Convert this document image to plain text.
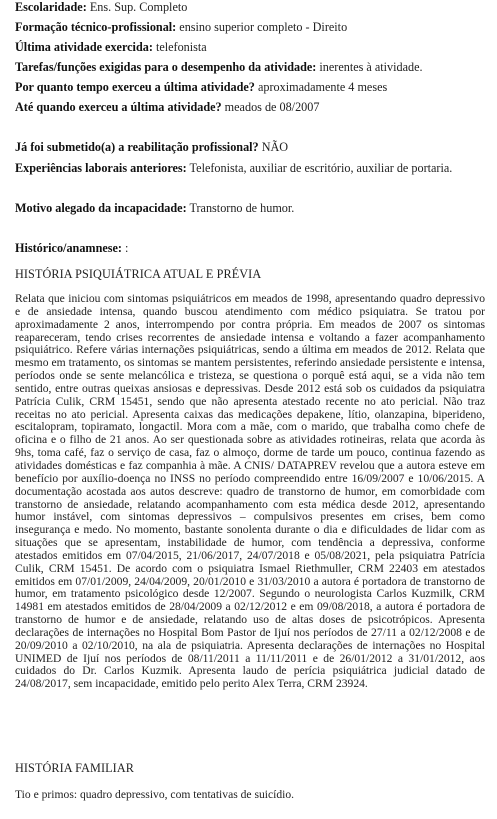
Escolaridade: Ens. Sup. Completo
Formação técnico-profissional: ensino superior completo - Direito
Última atividade exercida: telefonista
Tarefas/funções exigidas para o desempenho da atividade: inerentes à atividade.
Por quanto tempo exerceu a última atividade? aproximadamente 4 meses
Até quando exerceu a última atividade? meados de 08/2007
Já foi submetido(a) a reabilitação profissional? NÃO
Experiências laborais anteriores: Telefonista, auxiliar de escritório, auxiliar de portaria.
Motivo alegado da incapacidade: Transtorno de humor.
Histórico/anamnese: :
HISTÓRIA PSIQUIÁTRICA ATUAL E PRÉVIA
Relata que iniciou com sintomas psiquiátricos em meados de 1998, apresentando quadro depressivo e de ansiedade intensa, quando buscou atendimento com médico psiquiatra. Se tratou por aproximadamente 2 anos, interrompendo por contra própria. Em meados de 2007 os sintomas reapareceram, tendo crises recorrentes de ansiedade intensa e voltando a fazer acompanhamento psiquiátrico. Refere várias internações psiquiátricas, sendo a última em meados de 2012. Relata que mesmo em tratamento, os sintomas se mantem persistentes, referindo ansiedade persistente e intensa, períodos onde se sente melancólica e tristeza, se questiona o porquê está aqui, se a vida não tem sentido, entre outras queixas ansiosas e depressivas. Desde 2012 está sob os cuidados da psiquiatra Patrícia Culik, CRM 15451, sendo que não apresenta atestado recente no ato pericial. Não traz receitas no ato pericial. Apresenta caixas das medicações depakene, lítio, olanzapina, biperideno, escitalopram, topiramato, longactil. Mora com a mãe, com o marido, que trabalha como chefe de oficina e o filho de 21 anos. Ao ser questionada sobre as atividades rotineiras, relata que acorda às 9hs, toma café, faz o serviço de casa, faz o almoço, dorme de tarde um pouco, continua fazendo as atividades domésticas e faz companhia à mãe. A CNIS/ DATAPREV revelou que a autora esteve em benefício por auxílio-doença no INSS no período compreendido entre 16/09/2007 e 10/06/2015. A documentação acostada aos autos descreve: quadro de transtorno de humor, em comorbidade com transtorno de ansiedade, relatando acompanhamento com esta médica desde 2012, apresentando humor instável, com sintomas depressivos – compulsivos presentes em crises, bem como insegurança e medo. No momento, bastante sonolenta durante o dia e dificuldades de lidar com as situações que se apresentam, instabilidade de humor, com tendência a depressiva, conforme atestados emitidos em 07/04/2015, 21/06/2017, 24/07/2018 e 05/08/2021, pela psiquiatra Patrícia Culik, CRM 15451. De acordo com o psiquiatra Ismael Riethmuller, CRM 22403 em atestados emitidos em 07/01/2009, 24/04/2009, 20/01/2010 e 31/03/2010 a autora é portadora de transtorno de humor, em tratamento psicológico desde 12/2007. Segundo o neurologista Carlos Kuzmilk, CRM 14981 em atestados emitidos de 28/04/2009 a 02/12/2012 e em 09/08/2018, a autora é portadora de transtorno de humor e de ansiedade, relatando uso de altas doses de psicotrópicos. Apresenta declarações de internações no Hospital Bom Pastor de Ijuí nos períodos de 27/11 a 02/12/2008 e de 20/09/2010 a 02/10/2010, na ala de psiquiatria. Apresenta declarações de internações no Hospital UNIMED de Ijuí nos períodos de 08/11/2011 a 11/11/2011 e de 26/01/2012 a 31/01/2012, aos cuidados do Dr. Carlos Kuzmik. Apresenta laudo de perícia psiquiátrica judicial datado de 24/08/2017, sem incapacidade, emitido pelo perito Alex Terra, CRM 23924.
HISTÓRIA FAMILIAR
Tio e primos: quadro depressivo, com tentativas de suicídio.
